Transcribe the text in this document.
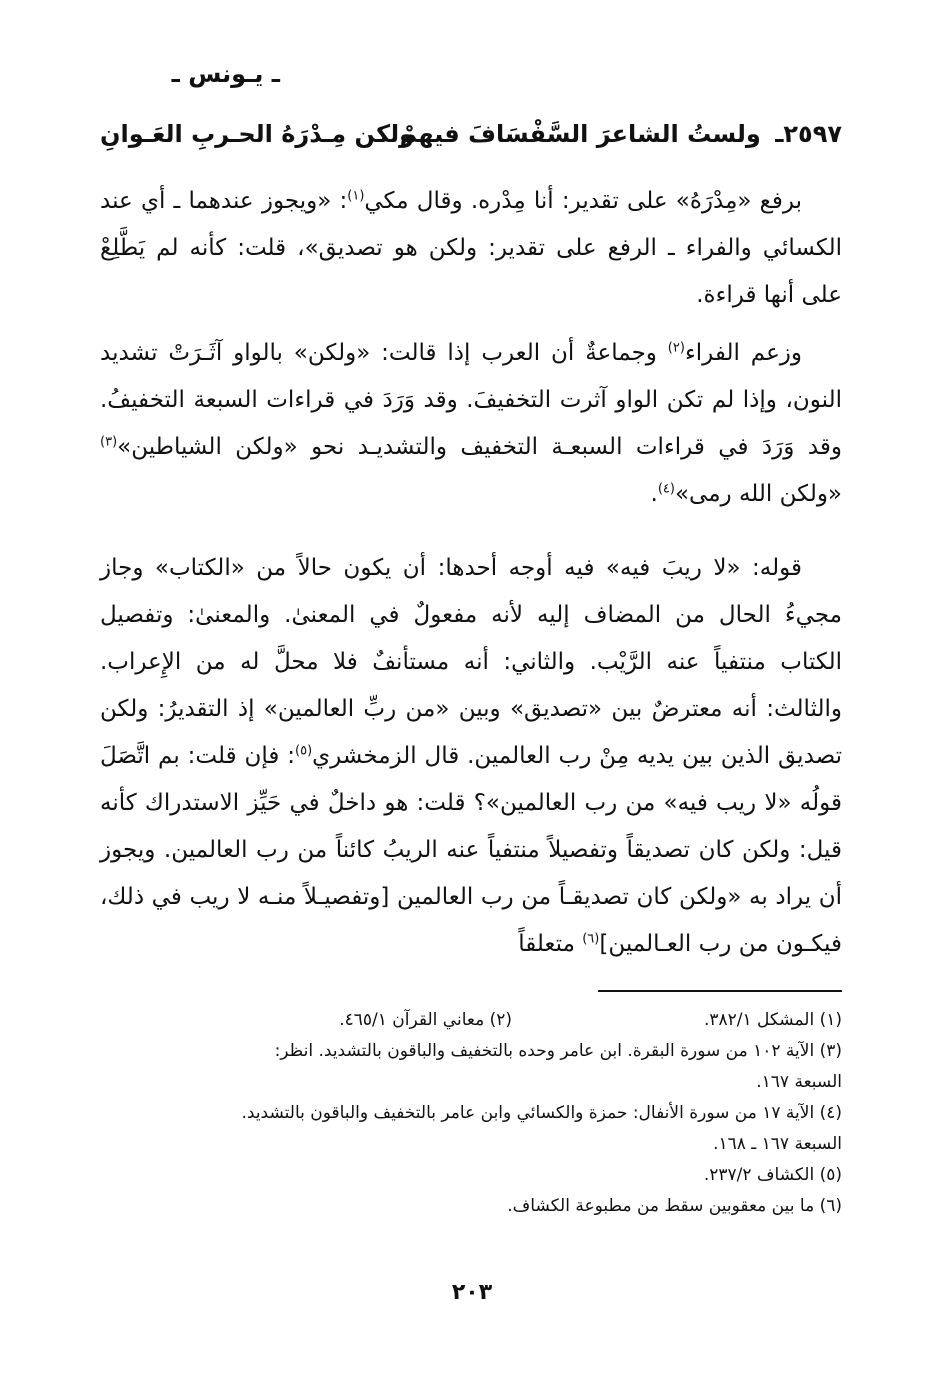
ـ يـونس ـ
٢٥٩٧ـ ولستُ الشاعرَ السَّفْسَافَ فيهمْ
ولكن مِـدْرَهُ الحـربِ العَـوانِ

برفع «مِدْرَهُ» على تقدير: أنا مِدْره. وقال مكي$^{(١)}$: «ويجوز عندهما ـ أي عند الكسائي والفراء ـ الرفع على تقدير: ولكن هو تصديق»، قلت: كأنه لم يَطَّلِعْ على أنها قراءة.

وزعم الفراء$^{(٢)}$ وجماعةٌ أن العرب إذا قالت: «ولكن» بالواو آثَـرَتْ تشديد النون، وإذا لم تكن الواو آثرت التخفيفَ. وقد وَرَدَ في قراءات السبعة التخفيفُ. وقد وَرَدَ في قراءات السبعـة التخفيف والتشديـد نحو «ولكن الشياطين»$^{(٣)}$ «ولكن الله رمى»$^{(٤)}$.

قوله: «لا ريبَ فيه» فيه أوجه أحدها: أن يكون حالاً من «الكتاب» وجاز مجيءُ الحال من المضاف إليه لأنه مفعولٌ في المعنىٰ. والمعنىٰ: وتفصيل الكتاب منتفياً عنه الرَّيْب. والثاني: أنه مستأنفٌ فلا محلَّ له من الإِعراب. والثالث: أنه معترضٌ بين «تصديق» وبين «من ربِّ العالمين» إذ التقديرُ: ولكن تصديق الذين بين يديه مِنْ رب العالمين. قال الزمخشري$^{(٥)}$: فإن قلت: بم اتَّصَلَ قولُه «لا ريب فيه» من رب العالمين»؟ قلت: هو داخلٌ في حَيِّز الاستدراك كأنه قيل: ولكن كان تصديقاً وتفصيلاً منتفياً عنه الريبُ كائناً من رب العالمين. ويجوز أن يراد به «ولكن كان تصديقـاً من رب العالمين [وتفصيـلاً منـه لا ريب في ذلك، فيكـون من رب العـالمين]$^{(٦)}$ متعلقاً

(١) المشكل ٣٨٢/١.
(٢) معاني القرآن ٤٦٥/١.
(٣) الآية ١٠٢ من سورة البقرة. ابن عامر وحده بالتخفيف والباقون بالتشديد. انظر:
السبعة ١٦٧.
(٤) الآية ١٧ من سورة الأنفال: حمزة والكسائي وابن عامر بالتخفيف والباقون بالتشديد.
السبعة ١٦٧ ـ ١٦٨.
(٥) الكشاف ٢٣٧/٢.
(٦) ما بين معقوبين سقط من مطبوعة الكشاف.
٢٠٣
